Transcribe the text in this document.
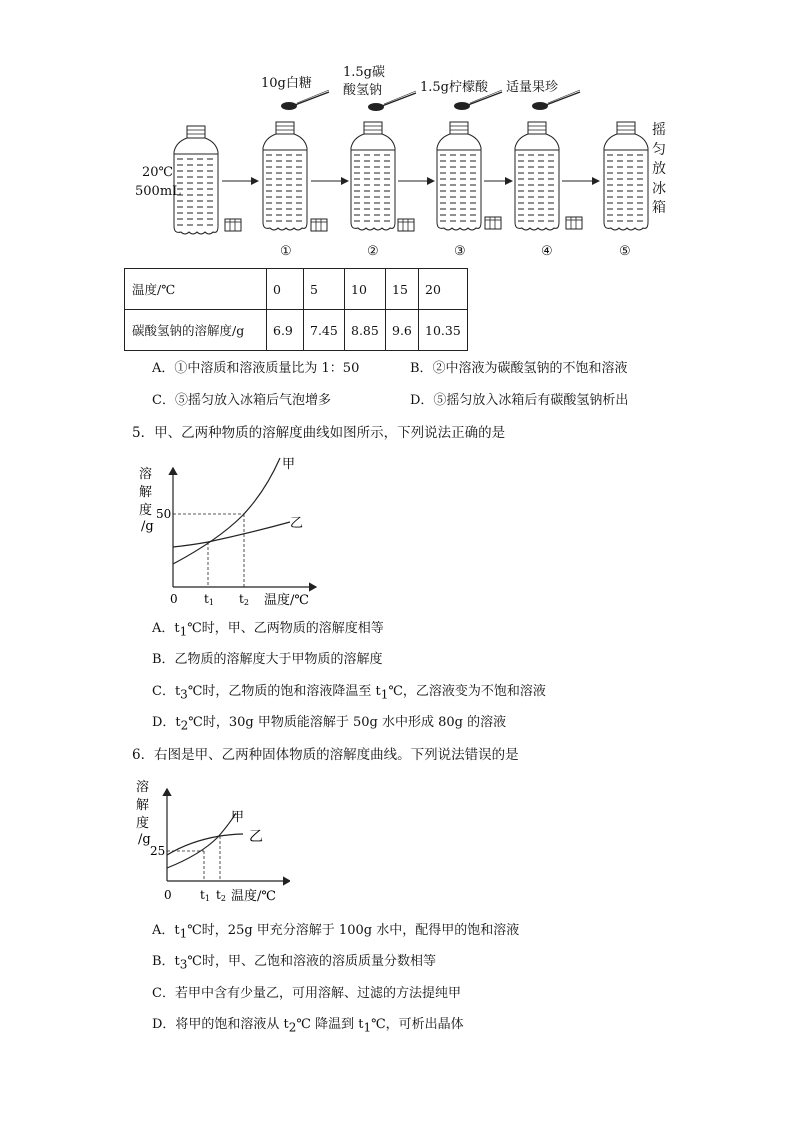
20℃
500mL
10g白糖
1.5g碳
酸氢钠	1.5g柠檬酸 适量果珍
摇
匀
放
冰
箱
①	②	③	④	⑤
温度/℃	0	5	10	15	20
碳酸氢钠的溶解度/g	6.9	7.45	8.85	9.6	10.35
A．①中溶质和溶液质量比为 1：50	B．②中溶液为碳酸氢钠的不饱和溶液
C．⑤摇匀放入冰箱后气泡增多	D．⑤摇匀放入冰箱后有碳酸氢钠析出
5．甲、乙两种物质的溶解度曲线如图所示，下列说法正确的是
溶 解 度 /g
50
0 t1 t2 温度/℃
甲
乙
A．$t_1℃$时，甲、乙两物质的溶解度相等
B．乙物质的溶解度大于甲物质的溶解度
C．$t_3℃$时，乙物质的饱和溶液降温至 $t_1℃$，乙溶液变为不饱和溶液
D．$t_2℃$时，30g 甲物质能溶解于 50g 水中形成 80g 的溶液
6．右图是甲、乙两种固体物质的溶解度曲线。下列说法错误的是
溶 解 度 /g
25
0 t1 t2 温度/℃
甲
乙
A．$t_1℃$时，25g 甲充分溶解于 100g 水中，配得甲的饱和溶液
B．$t_3℃$时，甲、乙饱和溶液的溶质质量分数相等
C．若甲中含有少量乙，可用溶解、过滤的方法提纯甲
D．将甲的饱和溶液从 $t_2℃$ 降温到 $t_1℃$，可析出晶体
